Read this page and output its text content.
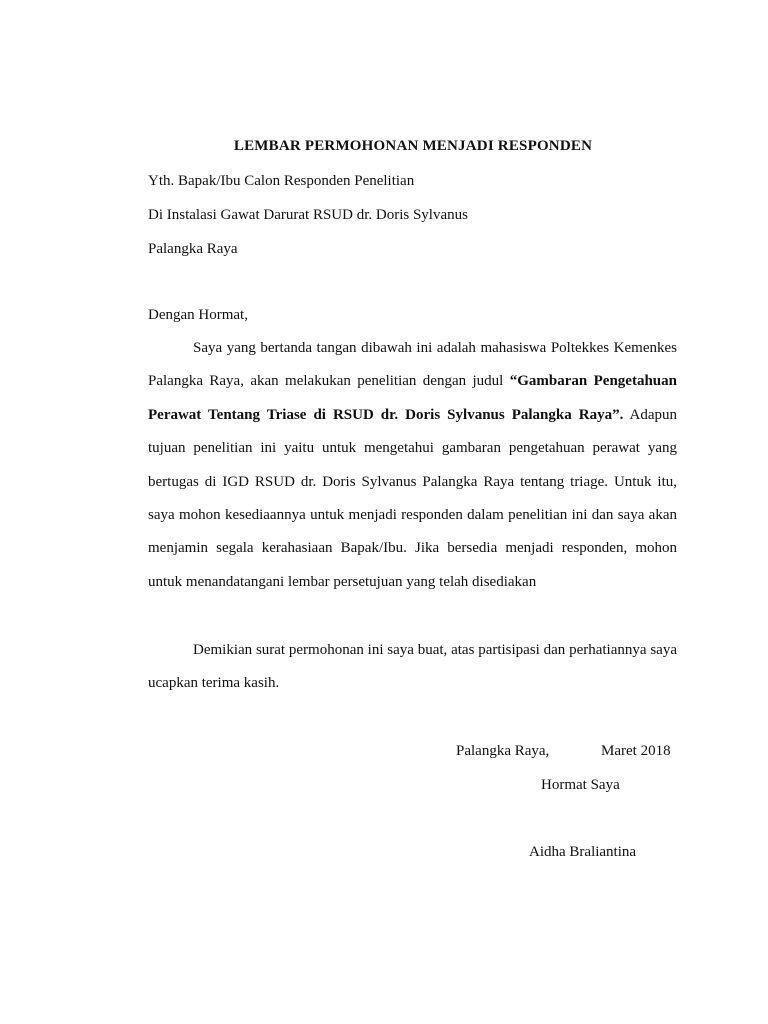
LEMBAR PERMOHONAN MENJADI RESPONDEN
Yth. Bapak/Ibu Calon Responden Penelitian
Di Instalasi Gawat Darurat RSUD dr. Doris Sylvanus
Palangka Raya
Dengan Hormat,

Saya yang bertanda tangan dibawah ini adalah mahasiswa Poltekkes Kemenkes Palangka Raya, akan melakukan penelitian dengan judul “Gambaran Pengetahuan Perawat Tentang Triase di RSUD dr. Doris Sylvanus Palangka Raya”. Adapun tujuan penelitian ini yaitu untuk mengetahui gambaran pengetahuan perawat yang bertugas di IGD RSUD dr. Doris Sylvanus Palangka Raya tentang triage. Untuk itu, saya mohon kesediaannya untuk menjadi responden dalam penelitian ini dan saya akan menjamin segala kerahasiaan Bapak/Ibu. Jika bersedia menjadi responden, mohon untuk menandatangani lembar persetujuan yang telah disediakan

Demikian surat permohonan ini saya buat, atas partisipasi dan perhatiannya saya ucapkan terima kasih.

Palangka Raya,	Maret 2018
Hormat Saya
Aidha Braliantina
